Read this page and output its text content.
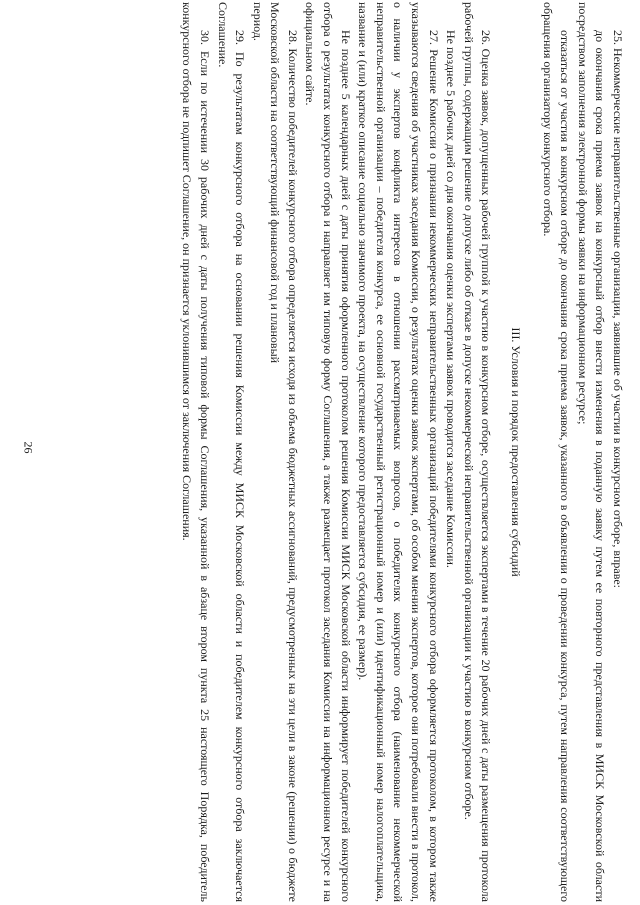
26	25. Некоммерческие неправительственные организации, заявившие об участии в конкурсном отборе, вправе:

до окончания срока приема заявок на конкурсный отбор внести изменения в поданную заявку путем ее повторного представления в МИСК Московской области посредством заполнения электронной формы заявки на информационном ресурсе;

отказаться от участия в конкурсном отборе до окончания срока приема заявок, указанного в объявлении о проведении конкурса, путем направления соответствующего обращения организатору конкурсного отбора.

III. Условия и порядок предоставления субсидий

26. Оценка заявок, допущенных рабочей группой к участию в конкурсном отборе, осуществляется экспертами в течение 20 рабочих дней с даты размещения протокола рабочей группы, содержащим решение о допуске либо об отказе в допуске некоммерческой неправительственной организации к участию в конкурсном отборе.

Не позднее 5 рабочих дней со дня окончания оценки экспертами заявок проводится заседание Комиссии.

27. Решение Комиссии о признании некоммерческих неправительственных организаций победителями конкурсного отбора оформляется протоколом, в котором также указываются сведения об участниках заседания Комиссии, о результатах оценки заявок экспертами, об особом мнении экспертов, которое они потребовали внести в протокол, о наличии у экспертов конфликта интересов в отношении рассматриваемых вопросов, о победителях конкурсного отбора (наименование некоммерческой неправительственной организации – победителя конкурса, ее основной государственный регистрационный номер и (или) идентификационный номер налогоплательщика, название и (или) краткое описание социально значимого проекта, на осуществление которого предоставляется субсидия, ее размер).

Не позднее 5 календарных дней с даты принятия оформленного протоколом решения Комиссии МИСК Московской области информирует победителей конкурсного отбора о результатах конкурсного отбора и направляет им типовую форму Соглашения, а также размещает протокол заседания Комиссии на информационном ресурсе и на официальном сайте.

28. Количество победителей конкурсного отбора определяется исходя из объема бюджетных ассигнований, предусмотренных на эти цели в законе (решении) о бюджете Московской области на соответствующий финансовой год и плановый

период.

29. По результатам конкурсного отбора на основании решения Комиссии между МИСК Московской области и победителем конкурсного отбора заключается Соглашение.

30. Если по истечении 30 рабочих дней с даты получения типовой формы Соглашения, указанной в абзаце втором пункта 25 настоящего Порядка, победитель конкурсного отбора не подпишет Соглашение, он признается уклонившимся от заключения Соглашения.
